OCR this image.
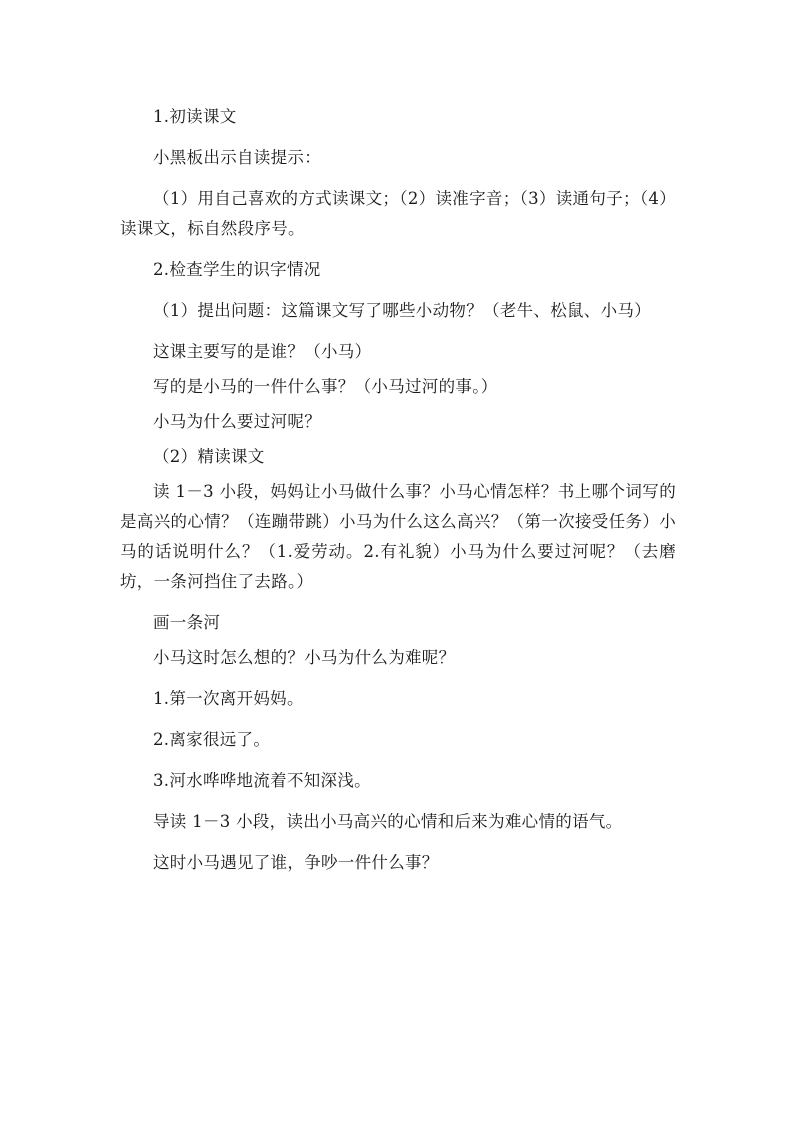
1.初读课文

小黑板出示自读提示：

（1）用自己喜欢的方式读课文；（2）读准字音；（3）读通句子；（4）读课文，标自然段序号。

2.检查学生的识字情况

（1）提出问题：这篇课文写了哪些小动物？（老牛、松鼠、小马）

这课主要写的是谁？（小马）

写的是小马的一件什么事？（小马过河的事。）

小马为什么要过河呢？

（2）精读课文

读 1－3 小段，妈妈让小马做什么事？小马心情怎样？书上哪个词写的是高兴的心情？（连蹦带跳）小马为什么这么高兴？（第一次接受任务）小马的话说明什么？（1.爱劳动。2.有礼貌）小马为什么要过河呢？（去磨坊，一条河挡住了去路。）

画一条河

小马这时怎么想的？小马为什么为难呢？

1.第一次离开妈妈。

2.离家很远了。

3.河水哗哗地流着不知深浅。

导读 1－3 小段，读出小马高兴的心情和后来为难心情的语气。

这时小马遇见了谁，争吵一件什么事？
